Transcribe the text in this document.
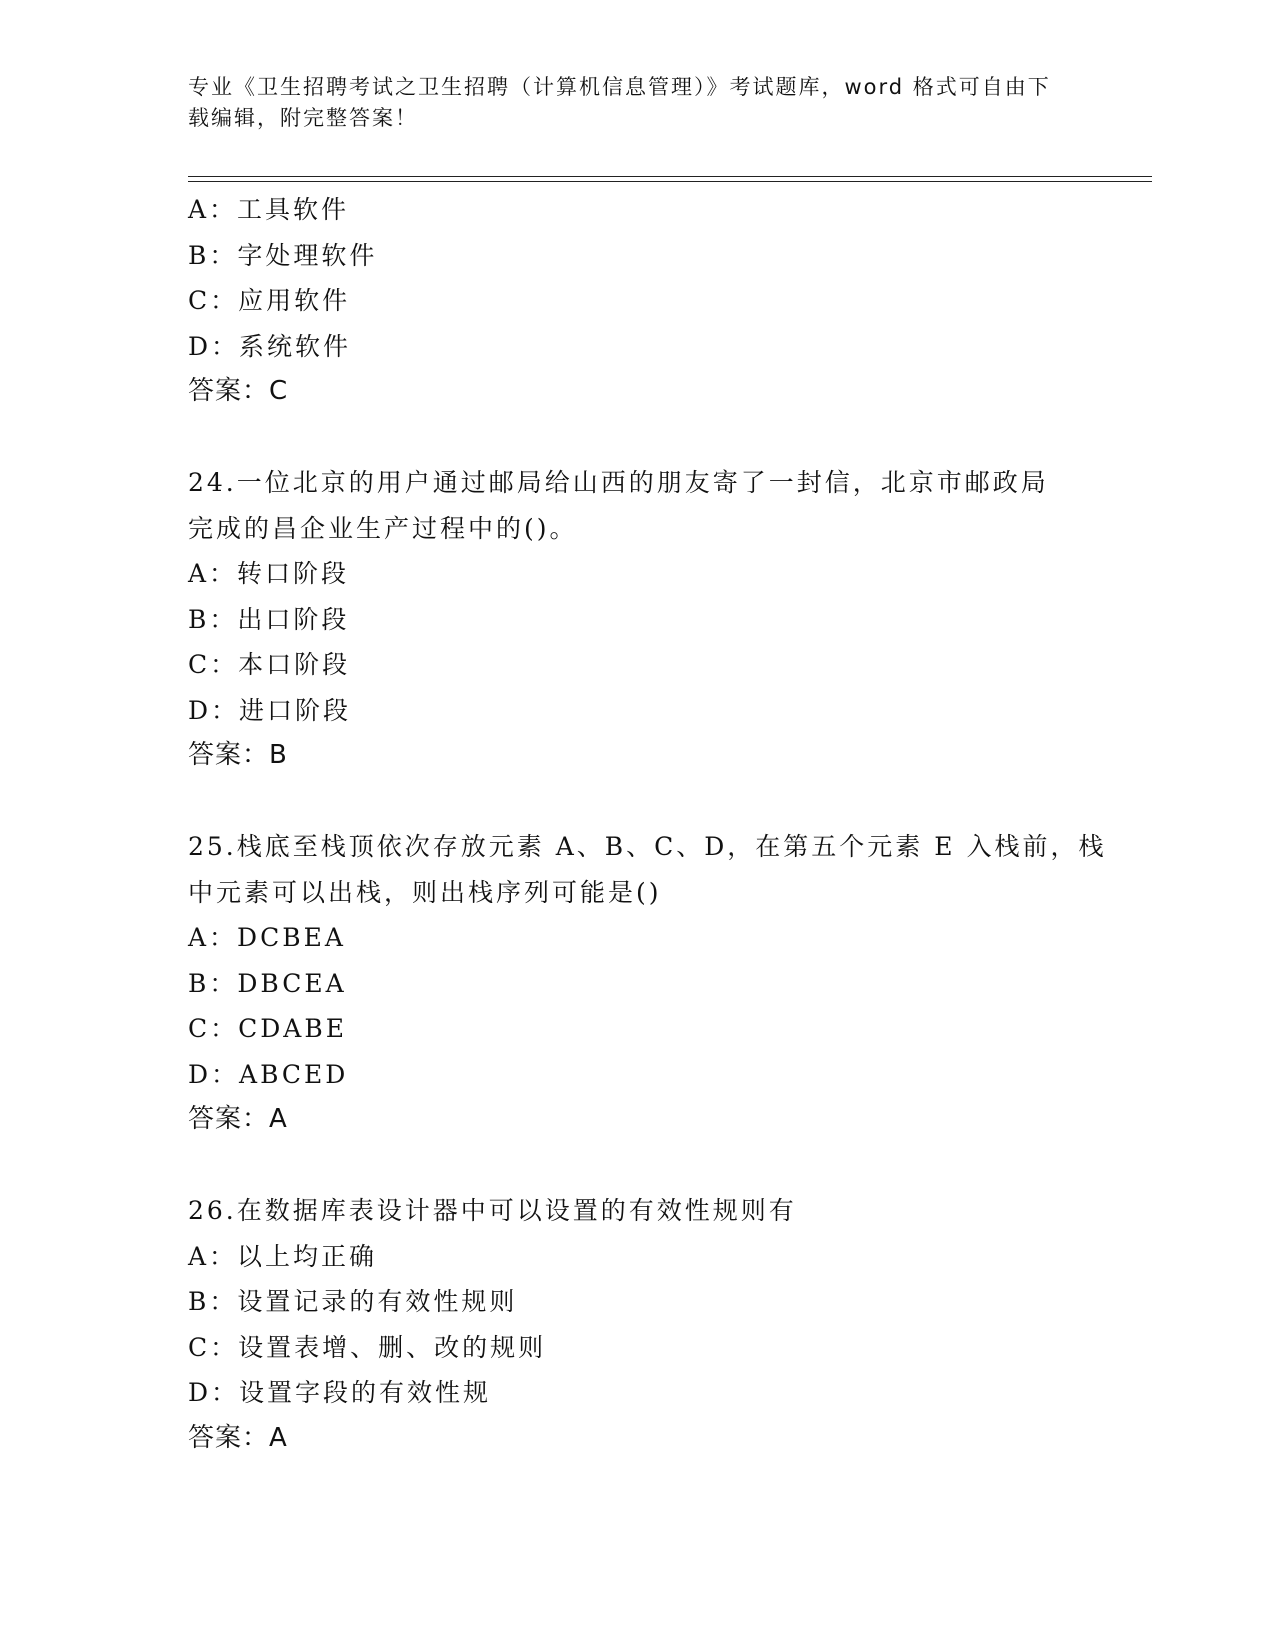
专业《卫生招聘考试之卫生招聘（计算机信息管理）》考试题库，word 格式可自由下载编辑，附完整答案！
A：工具软件
B：字处理软件
C：应用软件
D：系统软件
答案：C
24.一位北京的用户通过邮局给山西的朋友寄了一封信，北京市邮政局
完成的昌企业生产过程中的()。
A：转口阶段
B：出口阶段
C：本口阶段
D：进口阶段
答案：B
25.栈底至栈顶依次存放元素 A、B、C、D，在第五个元素 E 入栈前，栈
中元素可以出栈，则出栈序列可能是()
A：DCBEA
B：DBCEA
C：CDABE
D：ABCED
答案：A
26.在数据库表设计器中可以设置的有效性规则有
A：以上均正确
B：设置记录的有效性规则
C：设置表增、删、改的规则
D：设置字段的有效性规
答案：A
